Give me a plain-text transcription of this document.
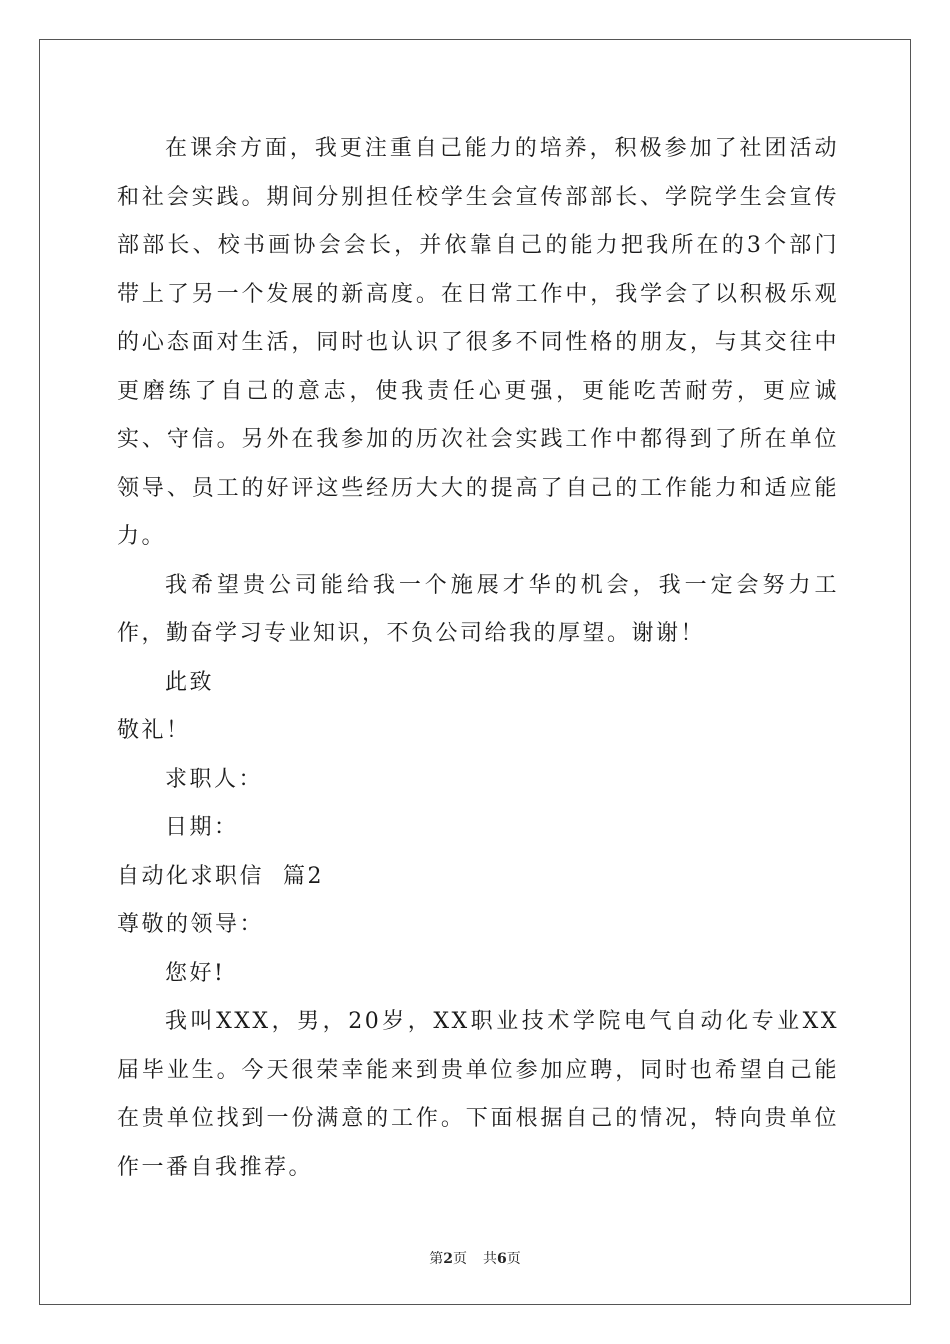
在课余方面，我更注重自己能力的培养，积极参加了社团活动和社会实践。期间分别担任校学生会宣传部部长、学院学生会宣传部部长、校书画协会会长，并依靠自己的能力把我所在的3个部门带上了另一个发展的新高度。在日常工作中，我学会了以积极乐观的心态面对生活，同时也认识了很多不同性格的朋友，与其交往中更磨练了自己的意志，使我责任心更强，更能吃苦耐劳，更应诚实、守信。另外在我参加的历次社会实践工作中都得到了所在单位领导、员工的好评这些经历大大的提高了自己的工作能力和适应能力。

我希望贵公司能给我一个施展才华的机会，我一定会努力工作，勤奋学习专业知识，不负公司给我的厚望。谢谢！

此致

敬礼！

求职人：

日期：

自动化求职信  篇2

尊敬的领导：

您好!

我叫XXX，男，20岁，XX职业技术学院电气自动化专业XX届毕业生。今天很荣幸能来到贵单位参加应聘，同时也希望自己能在贵单位找到一份满意的工作。下面根据自己的情况，特向贵单位作一番自我推荐。

第2页 共6页
